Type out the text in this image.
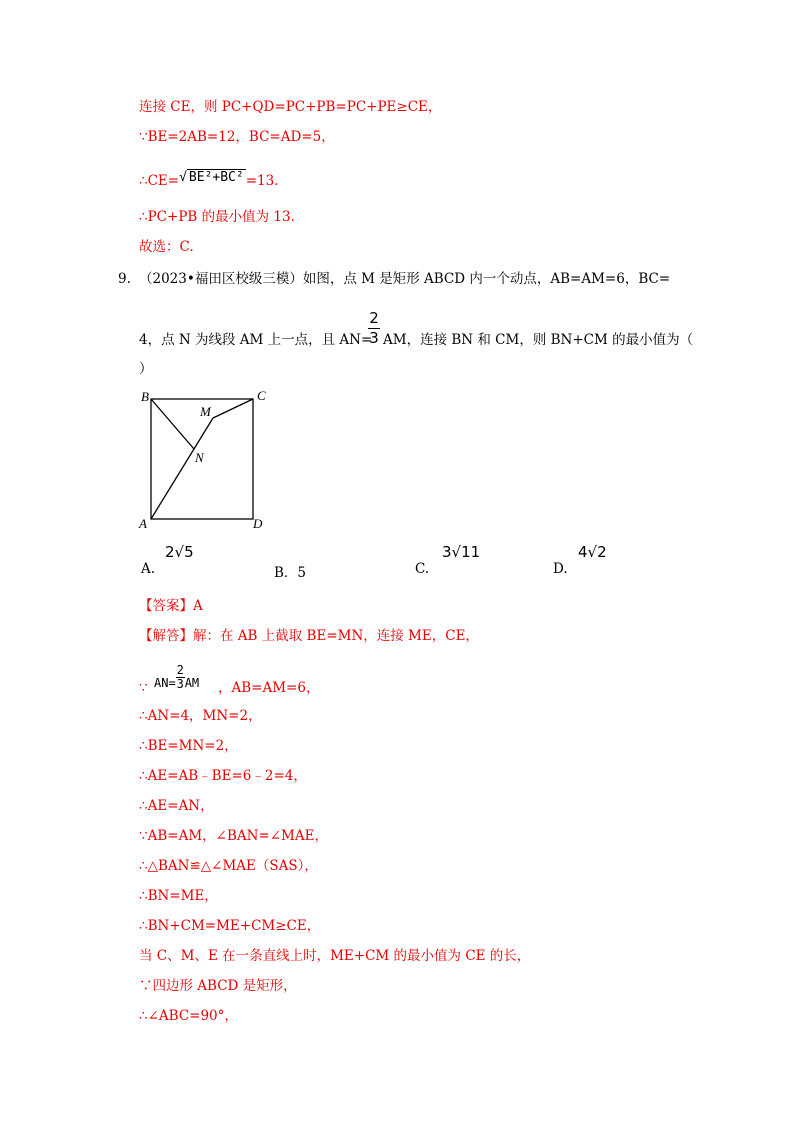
连接 CE，则 PC+QD=PC+PB=PC+PE≥CE，
∵BE=2AB=12，BC=AD=5，
∴CE=√ BE²+BC² =13.
∴PC+PB 的最小值为 13.
故选：C.
9. （2023•福田区校级三模）如图，点 M 是矩形 ABCD 内一个动点，AB=AM=6，BC=
2
3
4，点 N 为线段 AM 上一点，且 AN= AM，连接 BN 和 CM，则 BN+CM 的最小值为（
）
B	C
M
N
A	D
A.
2√5
B．5	C.
3√11
D.
4√2
【答案】A
【解答】解：在 AB 上截取 BE=MN，连接 ME，CE，
∵ $AN= \frac{2}{3}$ AM ，AB=AM=6，
∴AN=4，MN=2，
∴BE=MN=2，
∴AE=AB﹣BE=6﹣2=4，
∴AE=AN，
∵AB=AM，∠BAN=∠MAE，
∴△BAN≌△∠MAE（SAS），
∴BN=ME，
∴BN+CM=ME+CM≥CE，
当 C、M、E 在一条直线上时，ME+CM 的最小值为 CE 的长，
∵四边形 ABCD 是矩形，
∴∠ABC=90°，
